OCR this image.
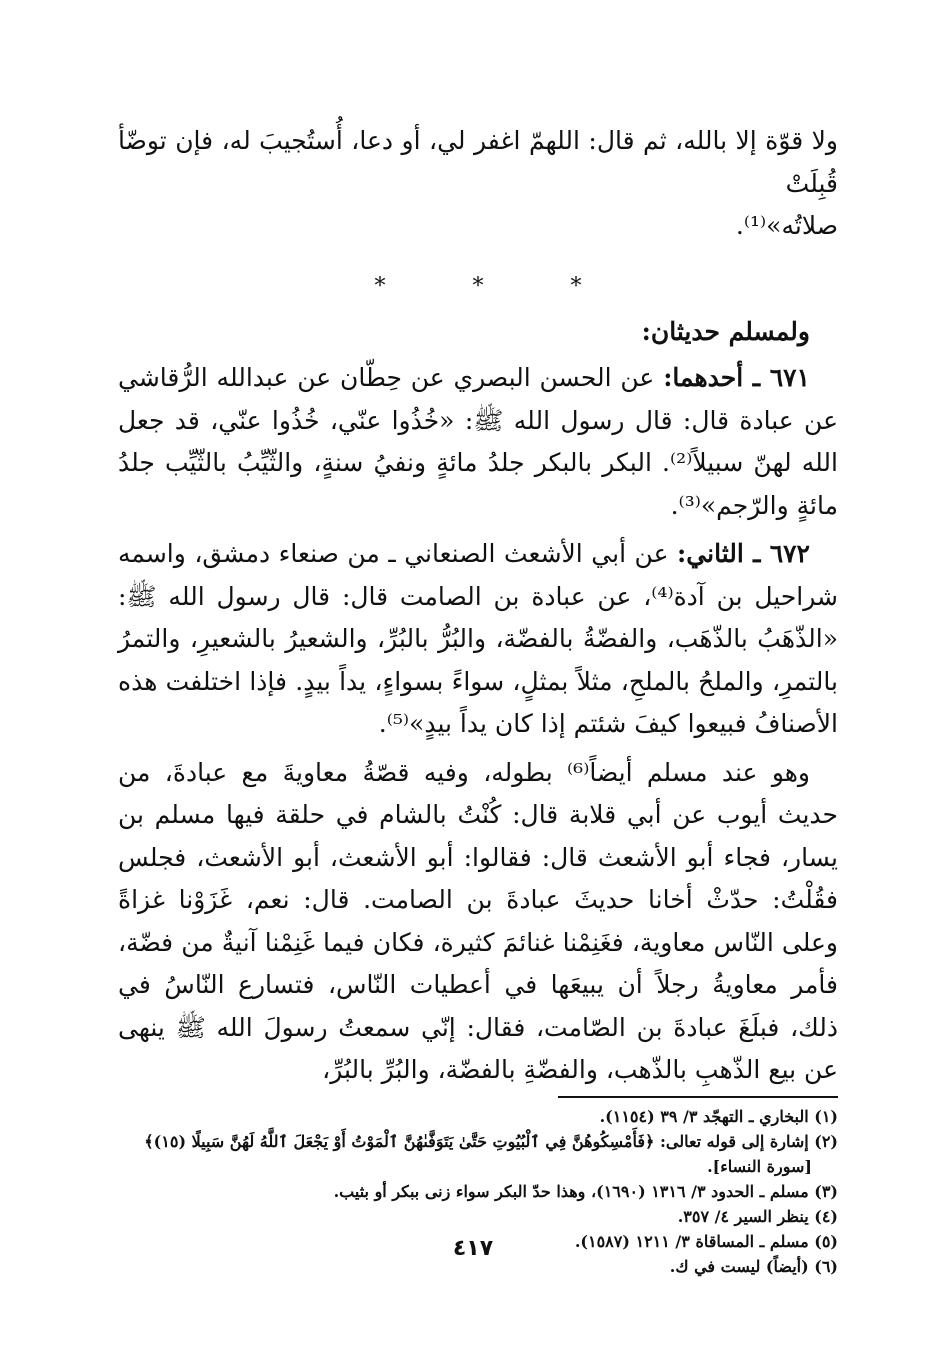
ولا قوّة إلا بالله، ثم قال: اللهمّ اغفر لي، أو دعا، أُستُجيبَ له، فإن توضّأ قُبِلَتْ
صلاتُه»⁽¹⁾.

* * *
ولمسلم حديثان:

٦٧١ ـ أحدهما: عن الحسن البصري عن حِطّان عن عبدالله الرُّقاشي عن عبادة قال: قال رسول الله ﷺ: «خُذُوا عنّي، خُذُوا عنّي، قد جعل الله لهنّ سبيلاً⁽²⁾. البكر بالبكر جلدُ مائةٍ ونفيُ سنةٍ، والثّيِّبُ بالثّيِّب جلدُ مائةٍ والرّجم»⁽³⁾.

٦٧٢ ـ الثاني: عن أبي الأشعث الصنعاني ـ من صنعاء دمشق، واسمه شراحيل بن آدة⁽⁴⁾، عن عبادة بن الصامت قال: قال رسول الله ﷺ: «الذّهَبُ بالذّهَب، والفضّةُ بالفضّة، والبُرُّ بالبُرِّ، والشعيرُ بالشعيرِ، والتمرُ بالتمرِ، والملحُ بالملحِ، مثلاً بمثلٍ، سواءً بسواءٍ، يداً بيدٍ. فإذا اختلفت هذه الأصنافُ فبيعوا كيفَ شئتم إذا كان يداً بيدٍ»⁽⁵⁾.

وهو عند مسلم أيضاً⁽⁶⁾ بطوله، وفيه قصّةُ معاويةَ مع عبادةَ، من حديث أيوب عن أبي قلابة قال: كُنْتُ بالشام في حلقة فيها مسلم بن يسار، فجاء أبو الأشعث قال: فقالوا: أبو الأشعث، أبو الأشعث، فجلس فقُلْتُ: حدّثْ أخانا حديثَ عبادةَ بن الصامت. قال: نعم، غَزَوْنا غزاةً وعلى النّاس معاوية، فغَنِمْنا غنائمَ كثيرة، فكان فيما غَنِمْنا آنيةٌ من فضّة، فأمر معاويةُ رجلاً أن يبيعَها في أعطيات النّاس، فتسارع النّاسُ في ذلك، فبلَغَ عبادةَ بن الصّامت، فقال: إنّي سمعتُ رسولَ الله ﷺ ينهى عن بيع الذّهبِ بالذّهب، والفضّةِ بالفضّة، والبُرِّ بالبُرِّ،

(١) البخاري ـ التهجّد ٣/ ٣٩ (١١٥٤).

(٢) إشارة إلى قوله تعالى: ﴿فَأَمْسِكُوهُنَّ فِي ٱلْبُيُوتِ حَتَّىٰ يَتَوَفَّىٰهُنَّ ٱلْمَوْتُ أَوْ يَجْعَلَ ٱللَّهُ لَهُنَّ سَبِيلًا (١٥)﴾

[سورة النساء].

(٣) مسلم ـ الحدود ٣/ ١٣١٦ (١٦٩٠)، وهذا حدّ البكر سواء زنى ببكر أو بثيب.

(٤) ينظر السير ٤/ ٣٥٧.

(٥) مسلم ـ المساقاة ٣/ ١٢١١ (١٥٨٧).

(٦) (أيضاً) ليست في ك.

٤١٧
